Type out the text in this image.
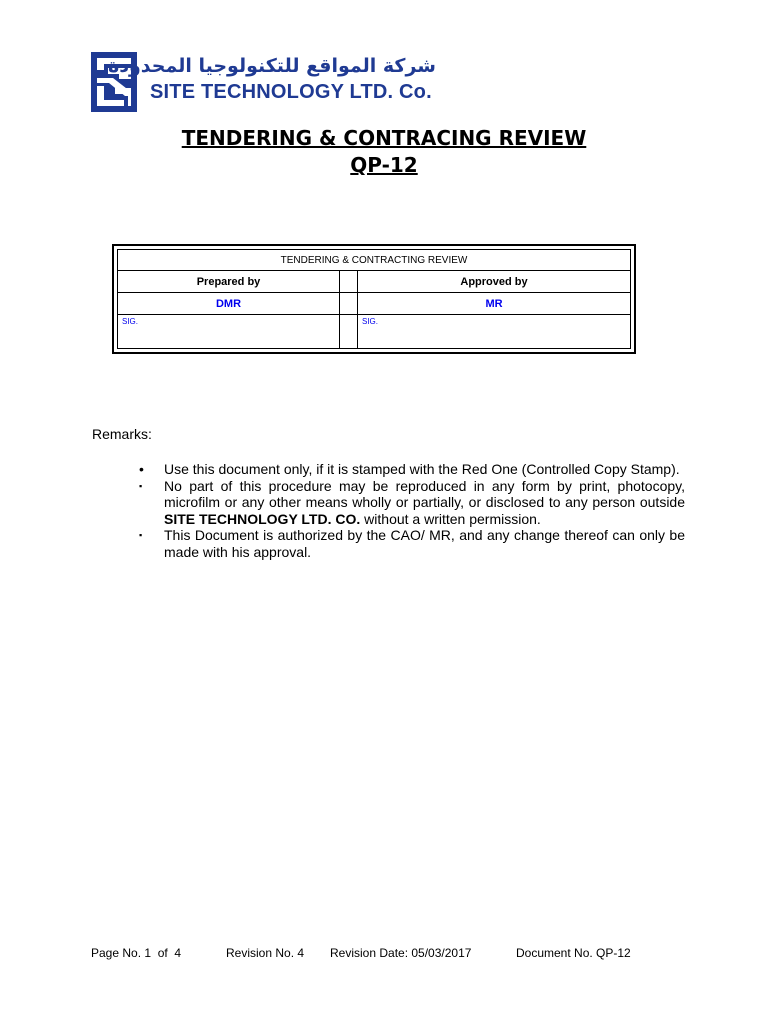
شركة المواقع للتكنولوجيا المحدودة
SITE TECHNOLOGY LTD. Co.
TENDERING & CONTRACING REVIEW
QP-12
TENDERING & CONTRACTING REVIEW		
Prepared by		Approved by
DMR		MR
SIG.		SIG.
Remarks:
• Use this document only, if it is stamped with the Red One (Controlled Copy Stamp).
▪ No part of this procedure may be reproduced in any form by print, photocopy, microfilm or any other means wholly or partially, or disclosed to any person outside SITE TECHNOLOGY LTD. CO. without a written permission.
▪ This Document is authorized by the CAO/ MR, and any change thereof can only be made with his approval.
Page No. 1  of  4	Revision No. 4 Revision Date: 05/03/2017	Document No. QP-12
